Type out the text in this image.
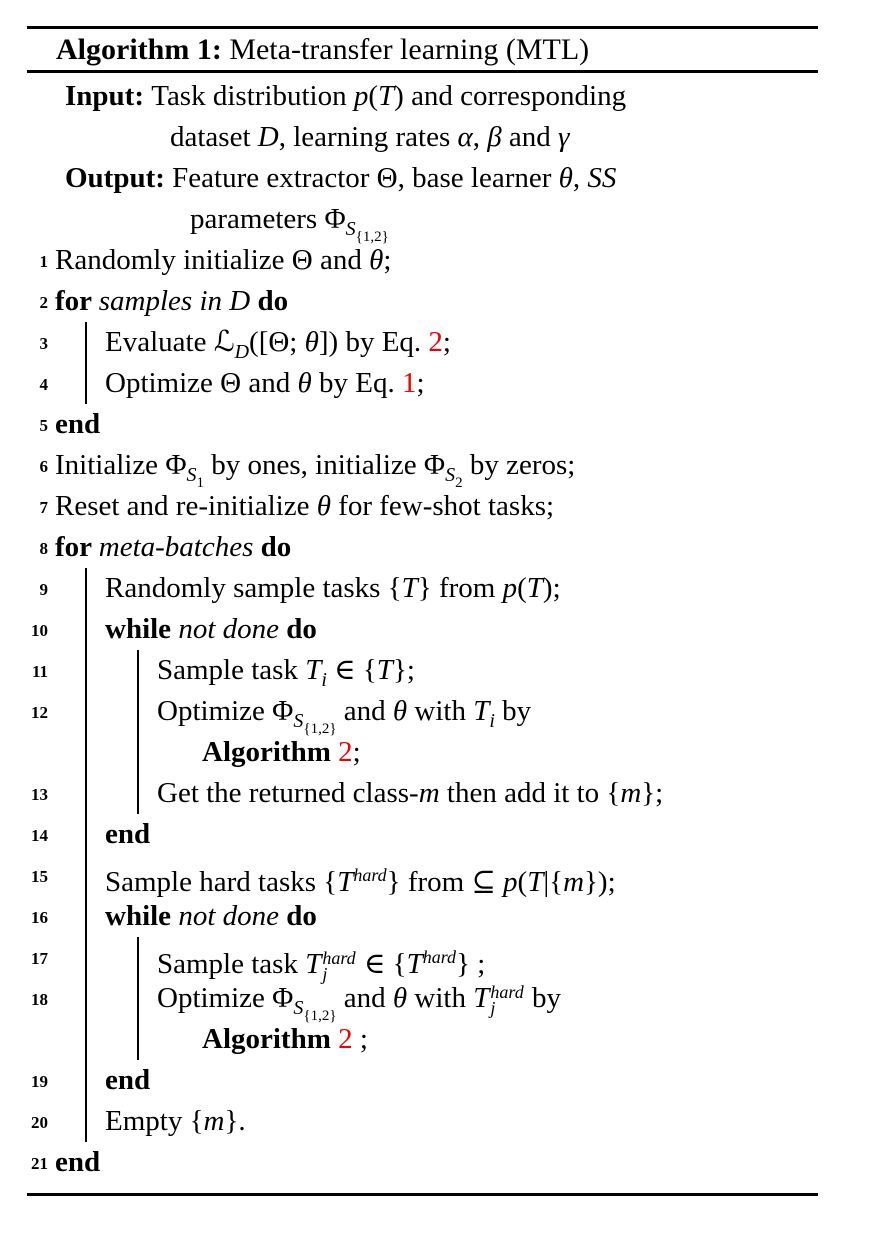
Algorithm 1: Meta-transfer learning (MTL)
Input: Task distribution p(T) and corresponding
dataset D, learning rates α, β and γ
Output: Feature extractor Θ, base learner θ, SS
parameters $\Phi_{S\{1,2\}}$
1 Randomly initialize Θ and θ;
2 for samples in D do
3 Evaluate ℒ$_D$([Θ; θ]) by Eq. 2;
4 Optimize Θ and θ by Eq. 1;
5 end
6 Initialize $\Phi_{S1}$ by ones, initialize $\Phi_{S2}$ by zeros;
7 Reset and re-initialize θ for few-shot tasks;
8 for meta-batches do
9 Randomly sample tasks {T} from p(T);
10 while not done do
11	Sample task $T_i$ ∈ {T};
12	Optimize $\Phi_{S\{1,2\}}$ and θ with $T_i$ by
Algorithm 2;
13	Get the returned class-m then add it to {m};
14 end
15 Sample hard tasks $\{T^{hard}\}$ from ⊆ p(T|{m});
16 while not done do
17	Sample task T hard
j ∈ $\{T^{hard}\}$ ;
18	Optimize $\Phi_{S\{1,2\}}$ and θ with T hard
j by
Algorithm 2 ;
19 end
20 Empty {m}.
21 end
